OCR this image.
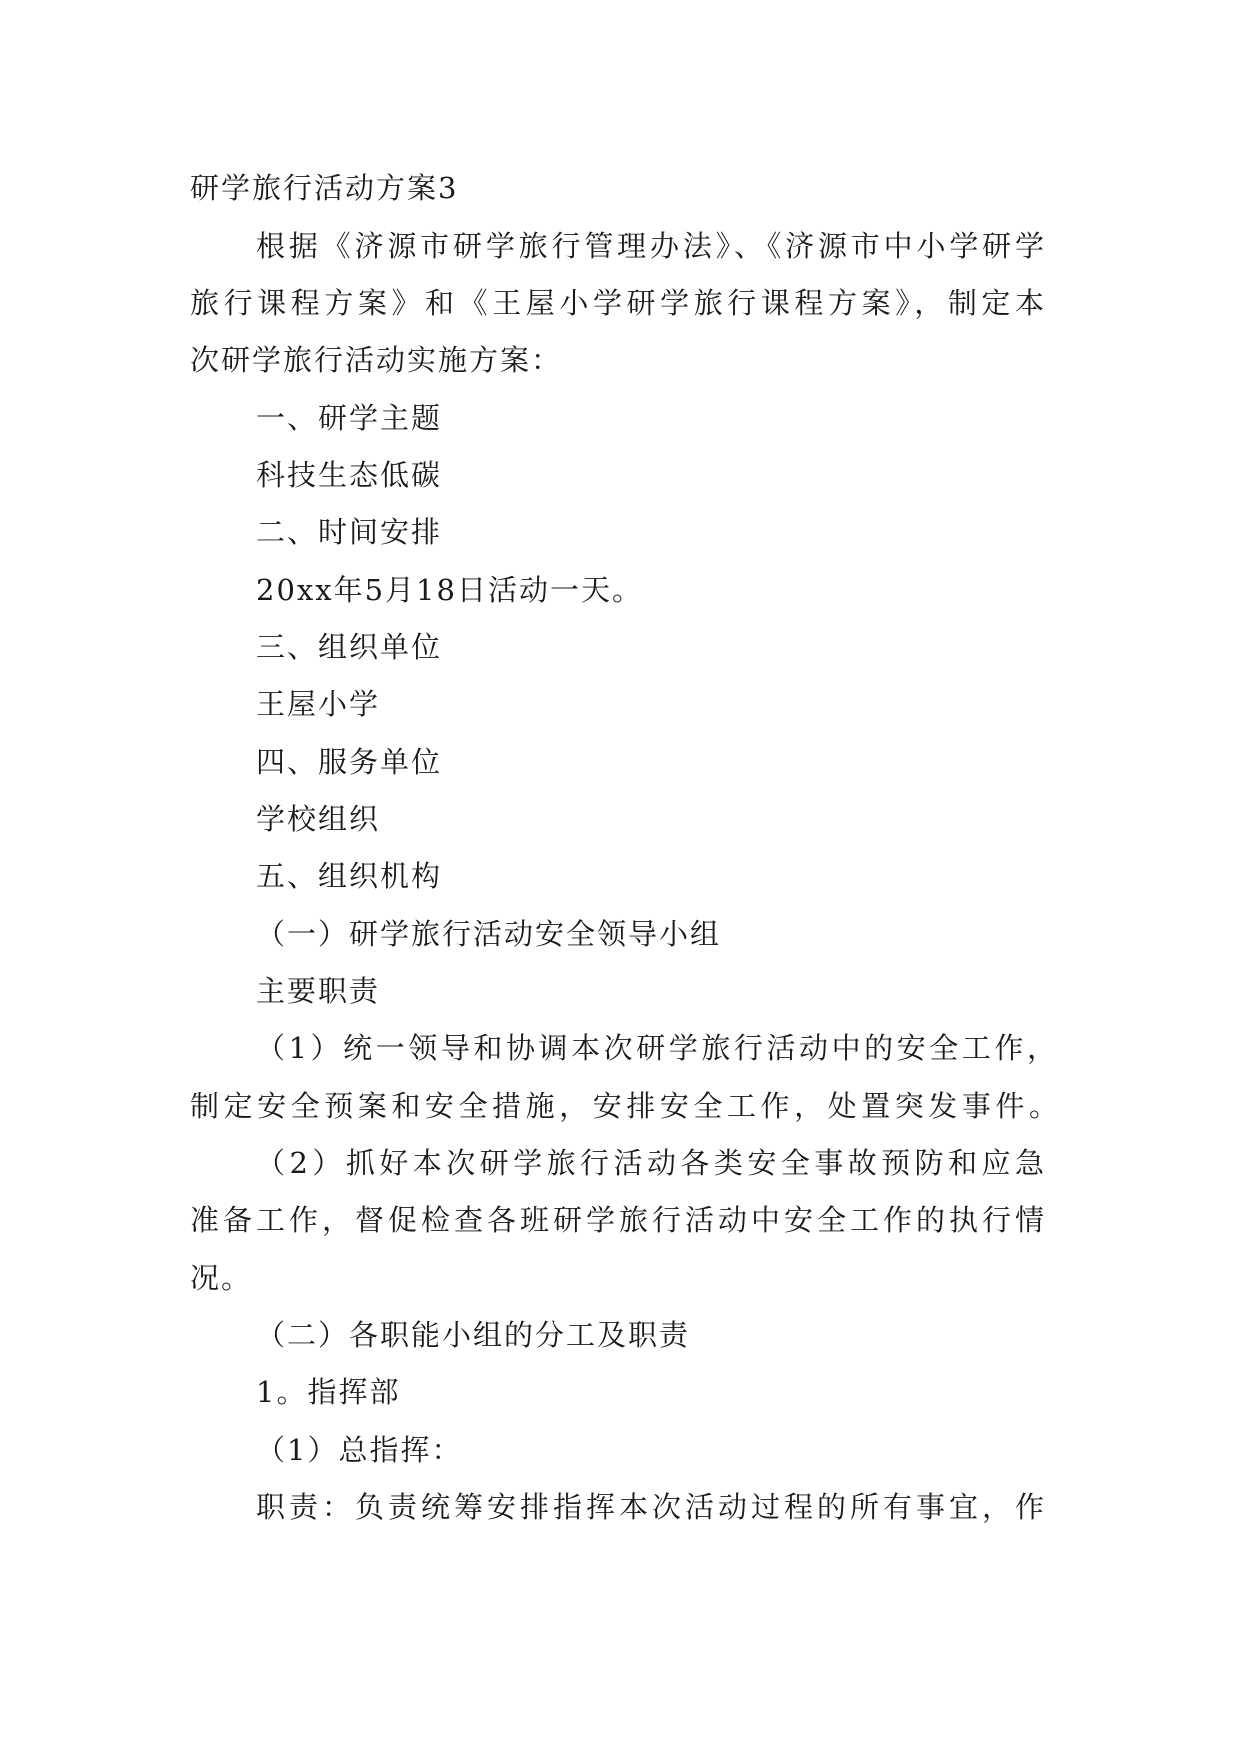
研学旅行活动方案3
根据《济源市研学旅行管理办法》、《济源市中小学研学
旅行课程方案》和《王屋小学研学旅行课程方案》，制定本
次研学旅行活动实施方案：
一、研学主题
科技生态低碳
二、时间安排
20xx年5月18日活动一天。
三、组织单位
王屋小学
四、服务单位
学校组织
五、组织机构
（一）研学旅行活动安全领导小组
主要职责
（1）统一领导和协调本次研学旅行活动中的安全工作，
制定安全预案和安全措施，安排安全工作，处置突发事件。
（2）抓好本次研学旅行活动各类安全事故预防和应急
准备工作，督促检查各班研学旅行活动中安全工作的执行情
况。
（二）各职能小组的分工及职责
1。指挥部
（1）总指挥：
职责：负责统筹安排指挥本次活动过程的所有事宜，作
